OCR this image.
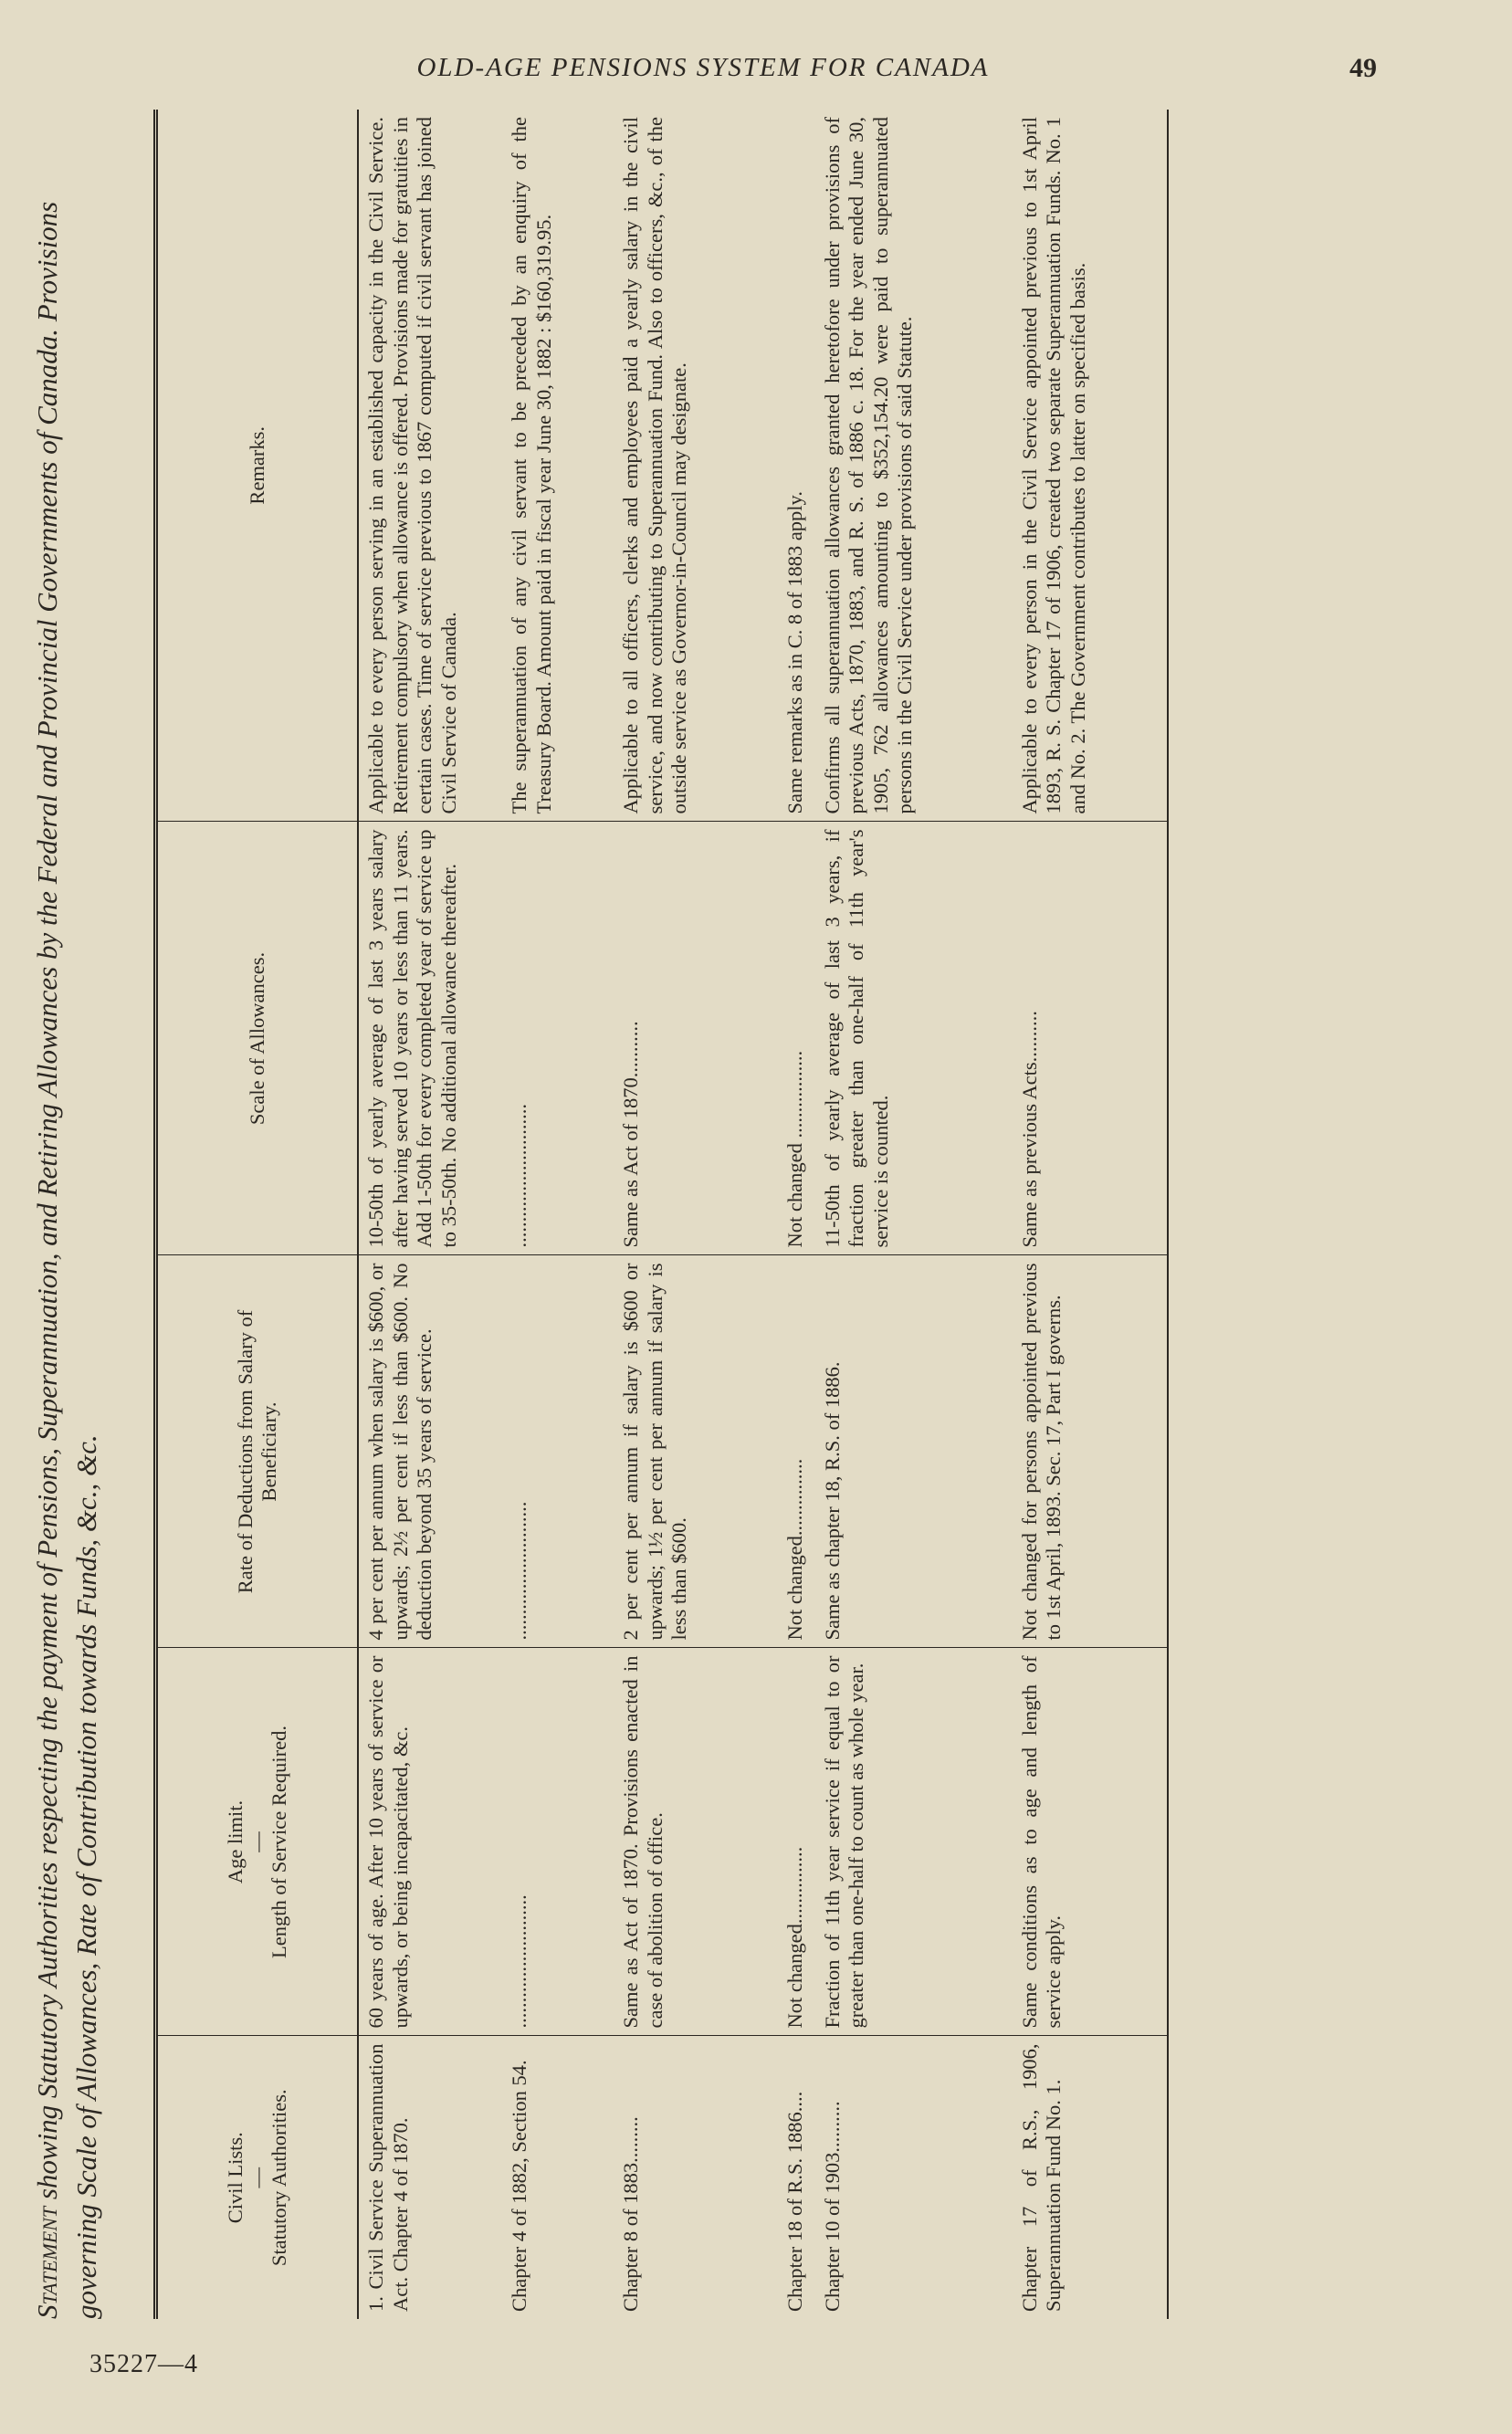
OLD-AGE PENSIONS SYSTEM FOR CANADA	49
Statement showing Statutory Authorities respecting the payment of Pensions, Superannuation, and Retiring Allowances by the Federal and Provincial Governments of Canada. Provisions governing Scale of Allowances, Rate of Contribution towards Funds, &c., &c.	Civil Lists. — Statutory Authorities.	Age limit. — Length of Service Required.	Rate of Deductions from Salary of Beneficiary.	Scale of Allowances.	Remarks.

1. Civil Service Superannuation Act. Chapter 4 of 1870.	60 years of age. After 10 years of service or upwards, or being incapacitated, &c.	4 per cent per annum when salary is $600, or upwards; 2½ per cent if less than $600. No deduction beyond 35 years of service.	10-50th of yearly average of last 3 years salary after having served 10 years or less than 11 years. Add 1-50th for every completed year of service up to 35-50th. No additional allowance thereafter.	Applicable to every person serving in an established capacity in the Civil Service. Retirement compulsory when allowance is offered. Provisions made for gratuities in certain cases. Time of service previous to 1867 computed if civil servant has joined Civil Service of Canada.
Chapter 4 of 1882, Section 54.	..........................	...........................	............................	The superannuation of any civil servant to be preceded by an enquiry of the Treasury Board. Amount paid in fiscal year June 30, 1882 : $160,319.95.
Chapter 8 of 1883.........	Same as Act of 1870. Provisions enacted in case of abolition of office.	2 per cent per annum if salary is $600 or upwards; 1½ per cent per annum if salary is less than $600.	Same as Act of 1870...........	Applicable to all officers, clerks and employees paid a yearly salary in the civil service, and now contributing to Superannuation Fund. Also to officers, &c., of the outside service as Governor-in-Council may designate.
Chapter 18 of R.S. 1886....	Not changed...............	Not changed...............	Not changed .................	Same remarks as in C. 8 of 1883 apply.
Chapter 10 of 1903..........	Fraction of 11th year service if equal to or greater than one-half to count as whole year.	Same as chapter 18, R.S. of 1886.	11-50th of yearly average of last 3 years, if fraction greater than one-half of 11th year's service is counted.	Confirms all superannuation allowances granted heretofore under provisions of previous Acts, 1870, 1883, and R. S. of 1886 c. 18. For the year ended June 30, 1905, 762 allowances amounting to $352,154.20 were paid to superannuated persons in the Civil Service under provisions of said Statute.
Chapter 17 of R.S., 1906, Superannuation Fund No. 1.	Same conditions as to age and length of service apply.	Not changed for persons appointed previous to 1st April, 1893. Sec. 17, Part I governs.	Same as previous Acts..........	Applicable to every person in the Civil Service appointed previous to 1st April 1893, R. S. Chapter 17 of 1906, created two separate Superannuation Funds. No. 1 and No. 2. The Government contributes to latter on specified basis.
35227—4
